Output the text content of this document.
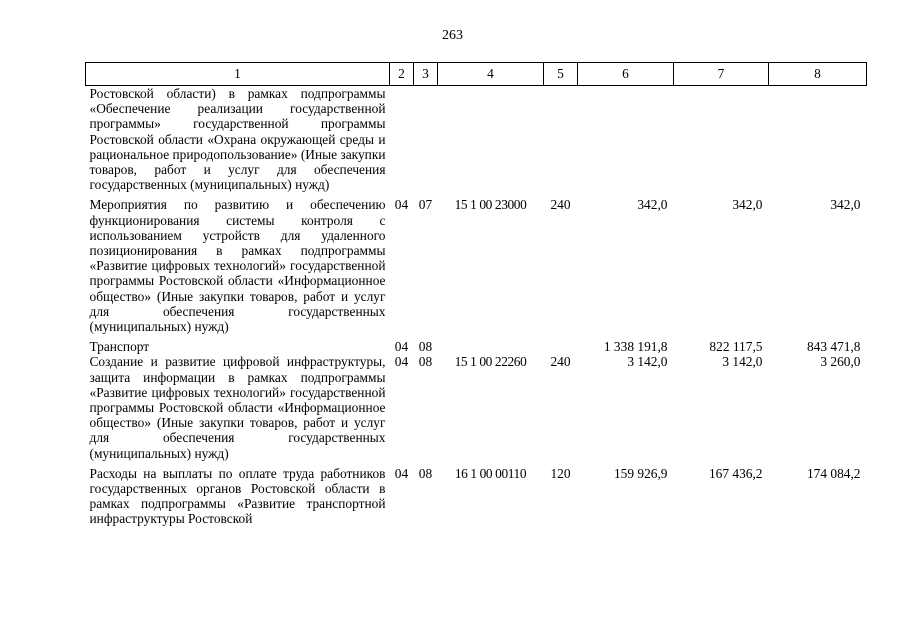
263
1	2	3	4	5	6	7	8
Ростовской области) в рамках подпрограммы «Обеспечение реализации государственной программы» государственной программы Ростовской области «Охрана окружающей среды и рациональное природопользование» (Иные закупки товаров, работ и услуг для обеспечения государственных (муниципальных) нужд)							
Мероприятия по развитию и обеспечению функционирования системы контроля с использованием устройств для удаленного позиционирования в рамках подпрограммы «Развитие цифровых технологий» государственной программы Ростовской области «Информационное общество» (Иные закупки товаров, работ и услуг для обеспечения государственных (муниципальных) нужд)	04	07	15 1 00 23000	240	342,0	342,0	342,0
Транспорт	04	08			1 338 191,8	822 117,5	843 471,8
Создание и развитие цифровой инфраструктуры, защита информации в рамках подпрограммы «Развитие цифровых технологий» государственной программы Ростовской области «Информационное общество» (Иные закупки товаров, работ и услуг для обеспечения государственных (муниципальных) нужд)	04	08	15 1 00 22260	240	3 142,0	3 142,0	3 260,0
Расходы на выплаты по оплате труда работников государственных органов Ростовской области в рамках подпрограммы «Развитие транспортной инфраструктуры Ростовской	04	08	16 1 00 00110	120	159 926,9	167 436,2	174 084,2
